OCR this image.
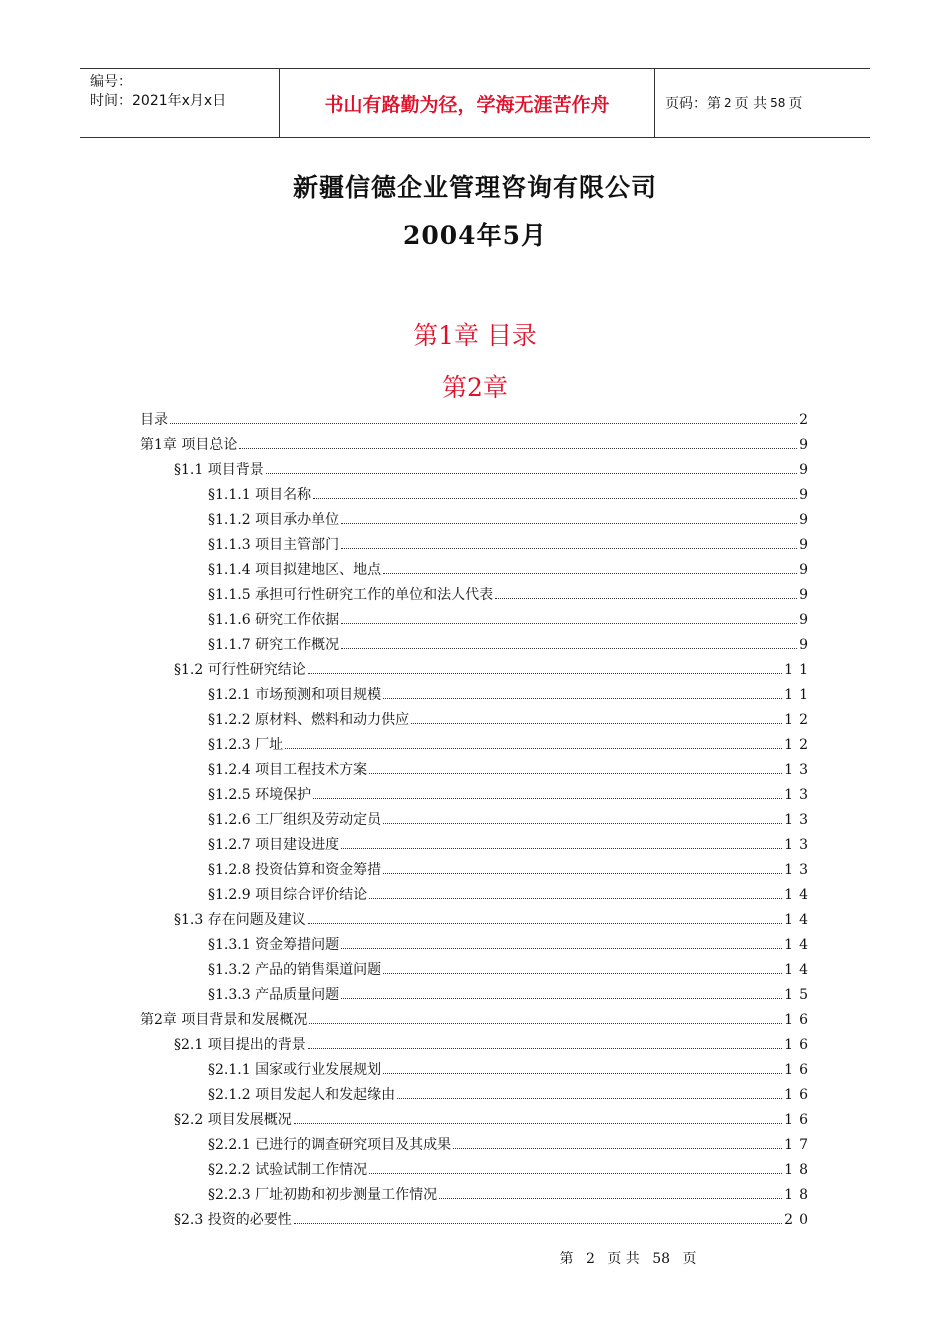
编号：
时间：2021年x月x日	书山有路勤为径，学海无涯苦作舟	页码：第 2 页 共 58 页
新疆信德企业管理咨询有限公司
2004年5月
第1章 目录
第2章
目录	2
第1章 项目总论	9
§1.1 项目背景	9
§1.1.1 项目名称	9
§1.1.2 项目承办单位	9
§1.1.3 项目主管部门	9
§1.1.4 项目拟建地区、地点	9
§1.1.5 承担可行性研究工作的单位和法人代表	9
§1.1.6 研究工作依据	9
§1.1.7 研究工作概况	9
§1.2 可行性研究结论	11
§1.2.1 市场预测和项目规模	11
§1.2.2 原材料、燃料和动力供应	12
§1.2.3 厂址	12
§1.2.4 项目工程技术方案	13
§1.2.5 环境保护	13
§1.2.6 工厂组织及劳动定员	13
§1.2.7 项目建设进度	13
§1.2.8 投资估算和资金筹措	13
§1.2.9 项目综合评价结论	14
§1.3 存在问题及建议	14
§1.3.1 资金筹措问题	14
§1.3.2 产品的销售渠道问题	14
§1.3.3 产品质量问题	15
第2章 项目背景和发展概况	16
§2.1 项目提出的背景	16
§2.1.1 国家或行业发展规划	16
§2.1.2 项目发起人和发起缘由	16
§2.2 项目发展概况	16
§2.2.1 已进行的调查研究项目及其成果	17
§2.2.2 试验试制工作情况	18
§2.2.3 厂址初勘和初步测量工作情况	18
§2.3 投资的必要性	20
第 2 页 共 58 页
